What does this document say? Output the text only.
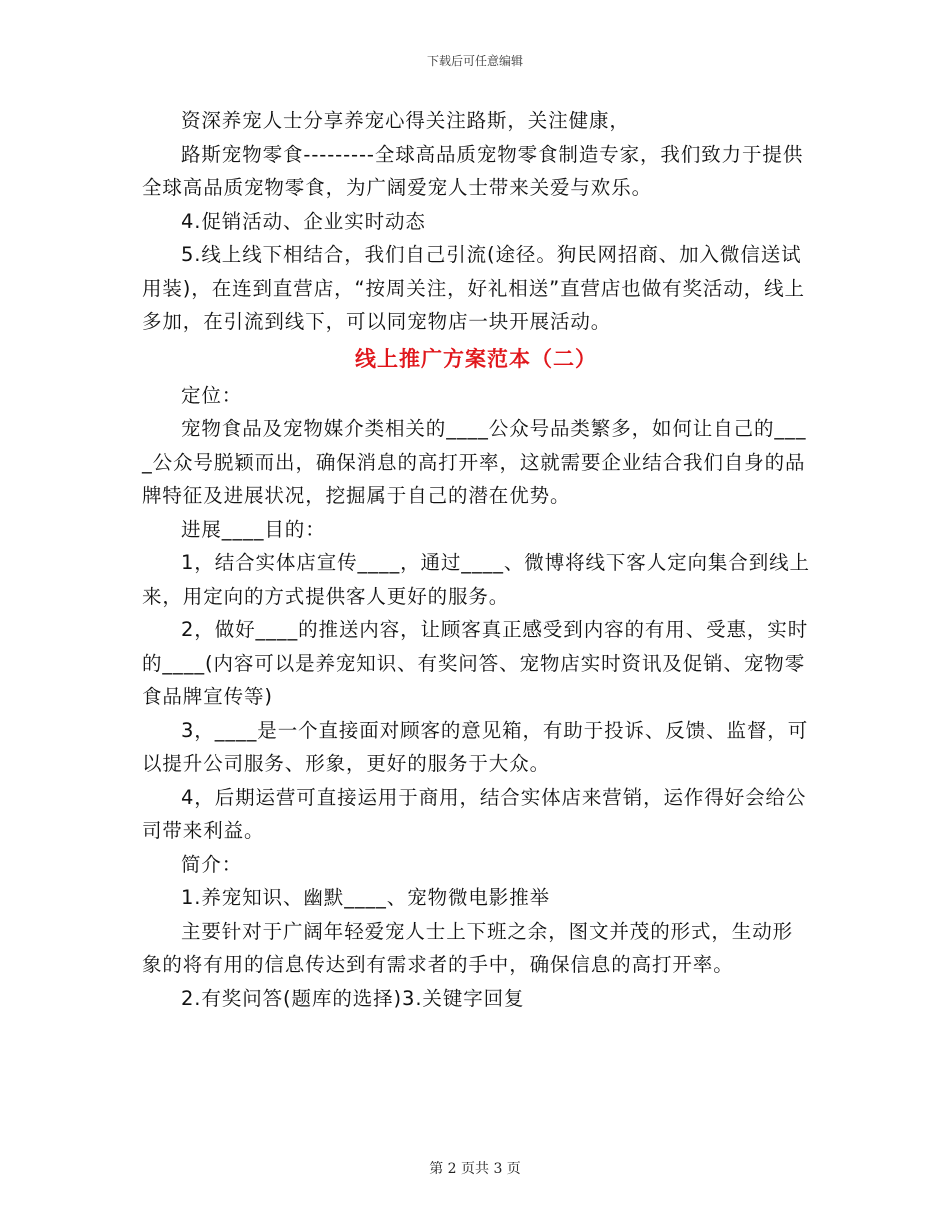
下载后可任意编辑

资深养宠人士分享养宠心得关注路斯，关注健康，

路斯宠物零食---------全球高品质宠物零食制造专家，我们致力于提供全球高品质宠物零食，为广阔爱宠人士带来关爱与欢乐。

4.促销活动、企业实时动态

5.线上线下相结合，我们自己引流(途径。狗民网招商、加入微信送试用装)，在连到直营店，“按周关注，好礼相送”直营店也做有奖活动，线上多加，在引流到线下，可以同宠物店一块开展活动。

线上推广方案范本（二）

定位：

宠物食品及宠物媒介类相关的____公众号品类繁多，如何让自己的____公众号脱颖而出，确保消息的高打开率，这就需要企业结合我们自身的品牌特征及进展状况，挖掘属于自己的潜在优势。

进展____目的：

1，结合实体店宣传____，通过____、微博将线下客人定向集合到线上来，用定向的方式提供客人更好的服务。

2，做好____的推送内容，让顾客真正感受到内容的有用、受惠，实时的____(内容可以是养宠知识、有奖问答、宠物店实时资讯及促销、宠物零食品牌宣传等)

3，____是一个直接面对顾客的意见箱，有助于投诉、反馈、监督，可以提升公司服务、形象，更好的服务于大众。

4，后期运营可直接运用于商用，结合实体店来营销，运作得好会给公司带来利益。

简介：

1.养宠知识、幽默____、宠物微电影推举

主要针对于广阔年轻爱宠人士上下班之余，图文并茂的形式，生动形象的将有用的信息传达到有需求者的手中，确保信息的高打开率。

2.有奖问答(题库的选择)3.关键字回复

第 2 页共 3 页
